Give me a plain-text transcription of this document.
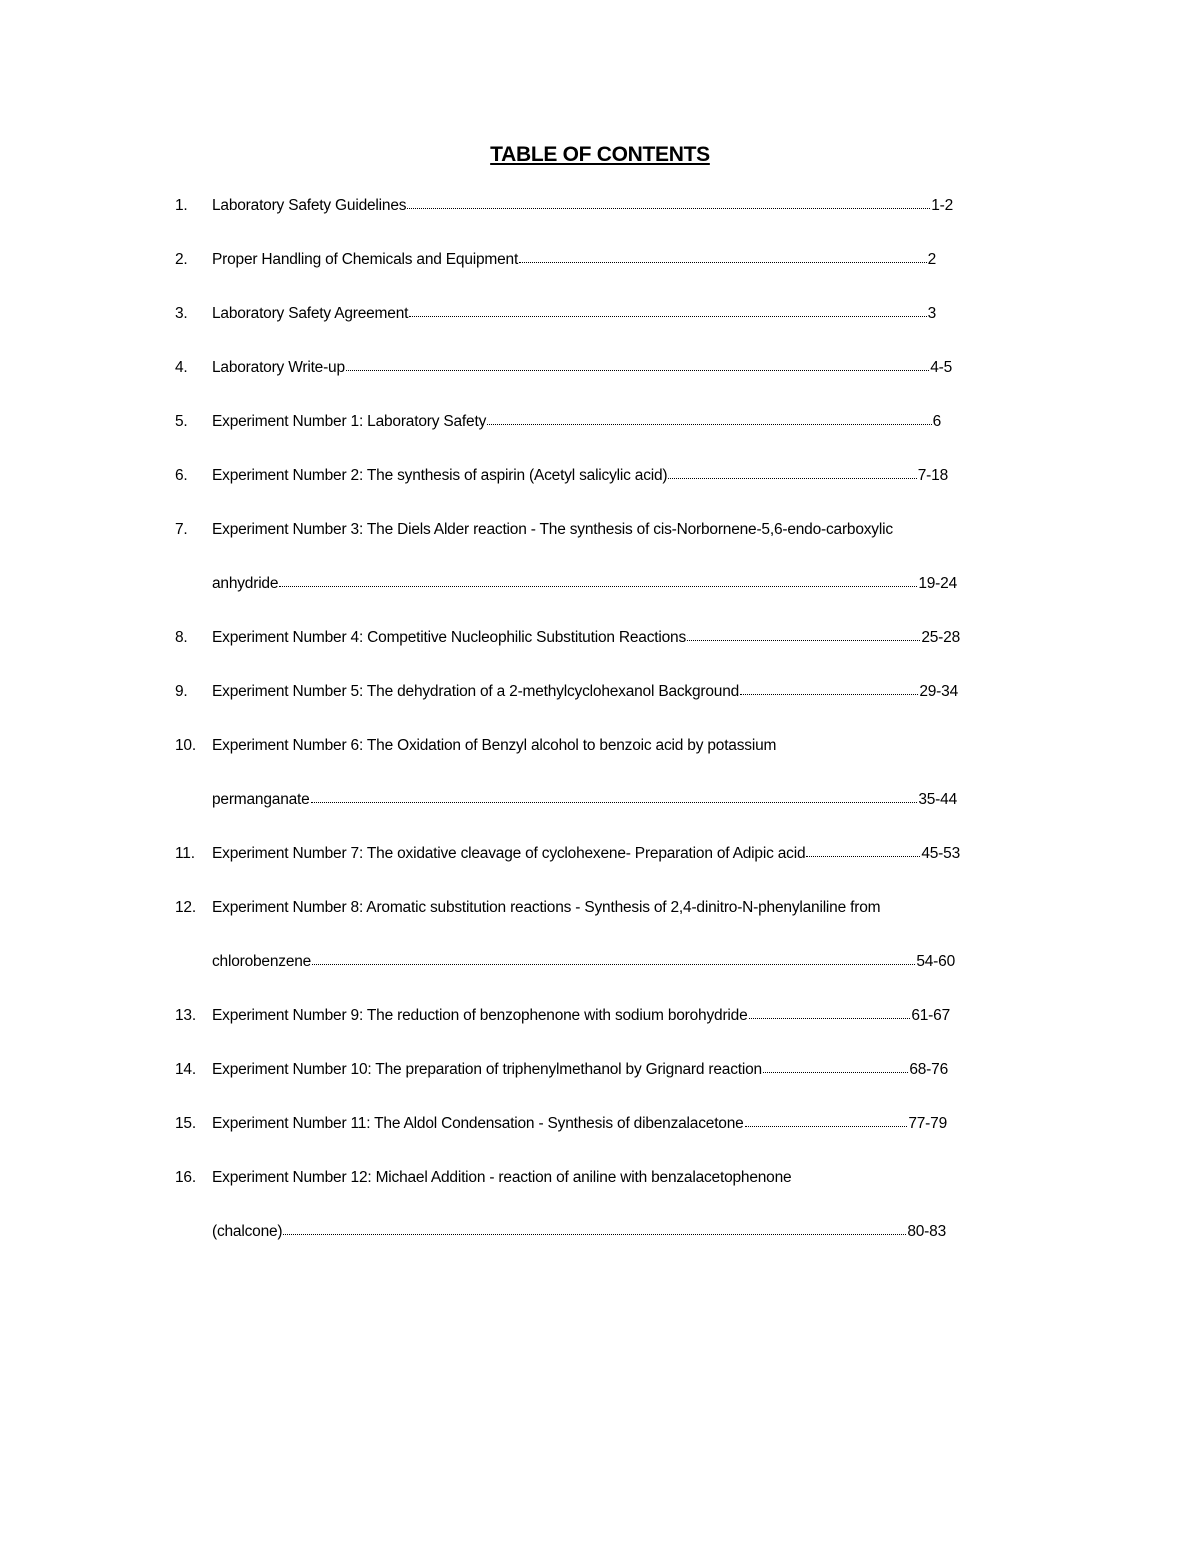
TABLE OF CONTENTS
1.	Laboratory Safety Guidelines	1-2
2.	Proper Handling of Chemicals and Equipment	2
3.	Laboratory Safety Agreement	3
4.	Laboratory Write-up	4-5
5.	Experiment Number 1: Laboratory Safety	6
6.	Experiment Number 2: The synthesis of aspirin (Acetyl salicylic acid)	7-18
7.	Experiment Number 3: The Diels Alder reaction - The synthesis of cis-Norbornene-5,6-endo-carboxylic
anhydride	19-24
8.	Experiment Number 4: Competitive Nucleophilic Substitution Reactions	25-28
9.	Experiment Number 5: The dehydration of a 2-methylcyclohexanol Background	29-34
10.	Experiment Number 6: The Oxidation of Benzyl alcohol to benzoic acid by potassium
permanganate	35-44
11.	Experiment Number 7: The oxidative cleavage of cyclohexene- Preparation of Adipic acid	45-53
12.	Experiment Number 8: Aromatic substitution reactions - Synthesis of 2,4-dinitro-N-phenylaniline from
chlorobenzene	54-60
13.	Experiment Number 9: The reduction of benzophenone with sodium borohydride	61-67
14.	Experiment Number 10: The preparation of triphenylmethanol by Grignard reaction	68-76
15.	Experiment Number 11: The Aldol Condensation - Synthesis of dibenzalacetone	77-79
16.	Experiment Number 12: Michael Addition - reaction of aniline with benzalacetophenone
(chalcone)	80-83
